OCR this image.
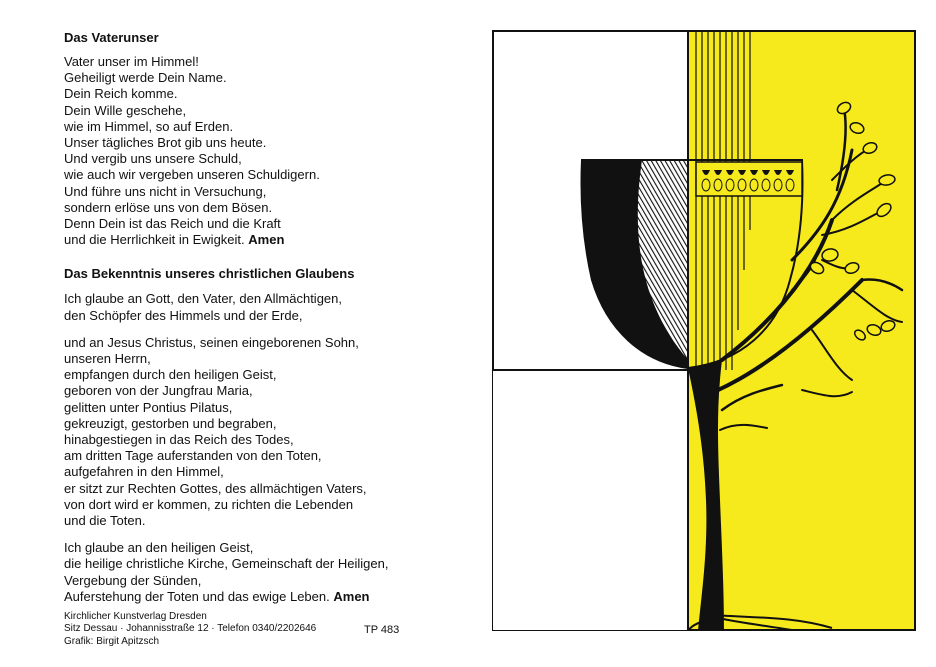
Das Vaterunser
Vater unser im Himmel!
Geheiligt werde Dein Name.
Dein Reich komme.
Dein Wille geschehe,
wie im Himmel, so auf Erden.
Unser tägliches Brot gib uns heute.
Und vergib uns unsere Schuld,
wie auch wir vergeben unseren Schuldigern.
Und führe uns nicht in Versuchung,
sondern erlöse uns von dem Bösen.
Denn Dein ist das Reich und die Kraft
und die Herrlichkeit in Ewigkeit. Amen
Das Bekenntnis unseres christlichen Glaubens
Ich glaube an Gott, den Vater, den Allmächtigen,
den Schöpfer des Himmels und der Erde,
und an Jesus Christus, seinen eingeborenen Sohn,
unseren Herrn,
empfangen durch den heiligen Geist,
geboren von der Jungfrau Maria,
gelitten unter Pontius Pilatus,
gekreuzigt, gestorben und begraben,
hinabgestiegen in das Reich des Todes,
am dritten Tage auferstanden von den Toten,
aufgefahren in den Himmel,
er sitzt zur Rechten Gottes, des allmächtigen Vaters,
von dort wird er kommen, zu richten die Lebenden
und die Toten.
Ich glaube an den heiligen Geist,
die heilige christliche Kirche, Gemeinschaft der Heiligen,
Vergebung der Sünden,
Auferstehung der Toten und das ewige Leben. Amen
Kirchlicher Kunstverlag Dresden
Sitz Dessau · Johannisstraße 12 · Telefon 0340/2202646
Grafik: Birgit Apitzsch
TP 483
